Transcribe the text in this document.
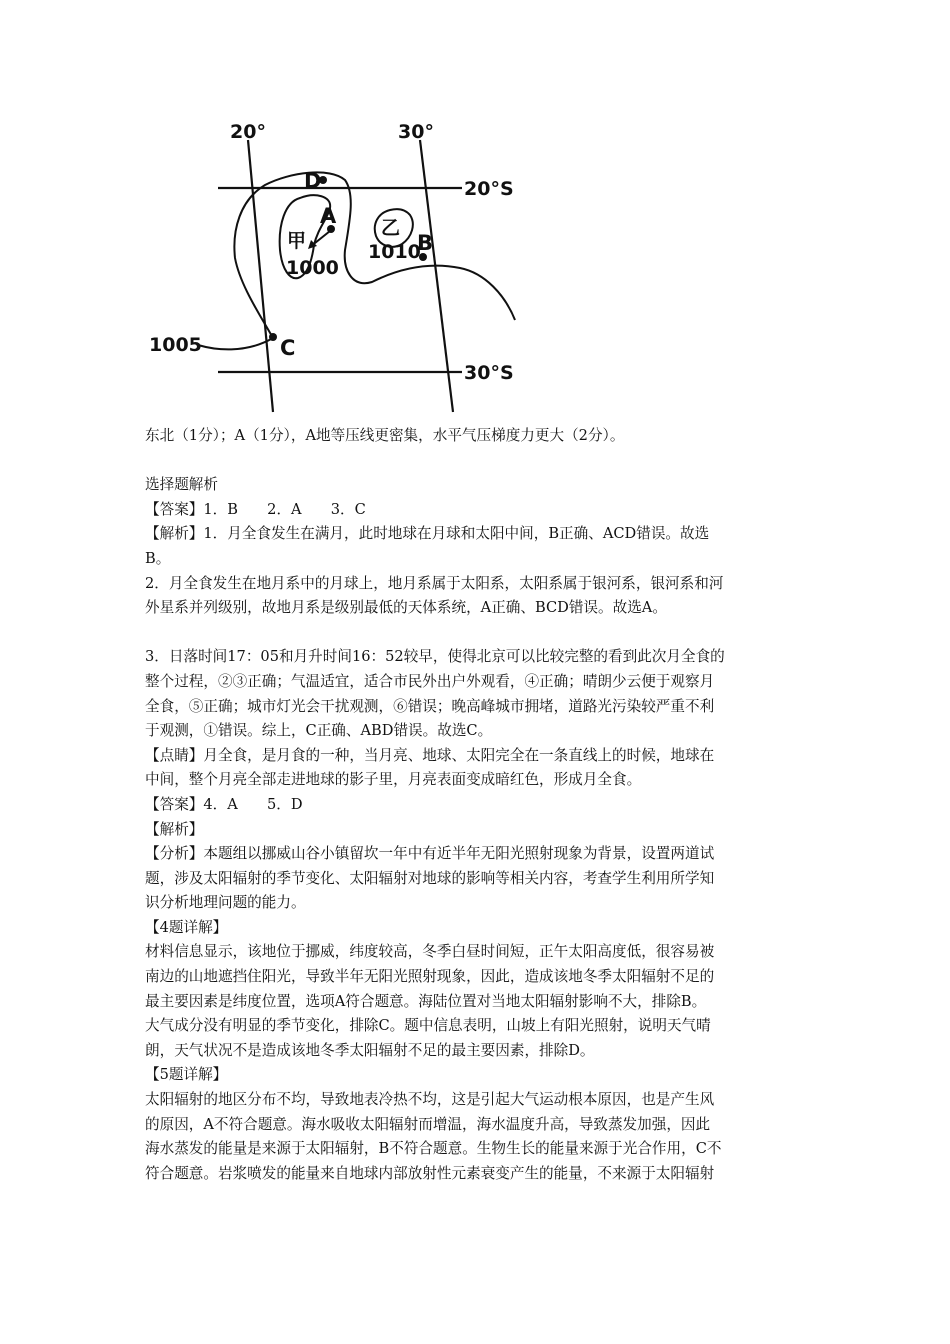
20°	30°
20°S
30°S
D
A
B
C
甲
乙
1000
1010
1005

东北（1分）；A（1分），A地等压线更密集，水平气压梯度力更大（2分）。

选择题解析

【答案】1．B　　2．A　　3．C

【解析】1．月全食发生在满月，此时地球在月球和太阳中间，B正确、ACD错误。故选

B。

2．月全食发生在地月系中的月球上，地月系属于太阳系，太阳系属于银河系，银河系和河

外星系并列级别，故地月系是级别最低的天体系统，A正确、BCD错误。故选A。

3．日落时间17：05和月升时间16：52较早，使得北京可以比较完整的看到此次月全食的

整个过程，②③正确；气温适宜，适合市民外出户外观看，④正确；晴朗少云便于观察月

全食，⑤正确；城市灯光会干扰观测，⑥错误；晚高峰城市拥堵，道路光污染较严重不利

于观测，①错误。综上，C正确、ABD错误。故选C。

【点睛】月全食，是月食的一种，当月亮、地球、太阳完全在一条直线上的时候，地球在

中间，整个月亮全部走进地球的影子里，月亮表面变成暗红色，形成月全食。

【答案】4．A　　5．D

【解析】

【分析】本题组以挪威山谷小镇留坎一年中有近半年无阳光照射现象为背景，设置两道试

题，涉及太阳辐射的季节变化、太阳辐射对地球的影响等相关内容，考查学生利用所学知

识分析地理问题的能力。

【4题详解】

材料信息显示，该地位于挪威，纬度较高，冬季白昼时间短，正午太阳高度低，很容易被

南边的山地遮挡住阳光，导致半年无阳光照射现象，因此，造成该地冬季太阳辐射不足的

最主要因素是纬度位置，选项A符合题意。海陆位置对当地太阳辐射影响不大，排除B。

大气成分没有明显的季节变化，排除C。题中信息表明，山坡上有阳光照射，说明天气晴

朗，天气状况不是造成该地冬季太阳辐射不足的最主要因素，排除D。

【5题详解】

太阳辐射的地区分布不均，导致地表冷热不均，这是引起大气运动根本原因，也是产生风

的原因，A不符合题意。海水吸收太阳辐射而增温，海水温度升高，导致蒸发加强，因此

海水蒸发的能量是来源于太阳辐射，B不符合题意。生物生长的能量来源于光合作用，C不

符合题意。岩浆喷发的能量来自地球内部放射性元素衰变产生的能量，不来源于太阳辐射
